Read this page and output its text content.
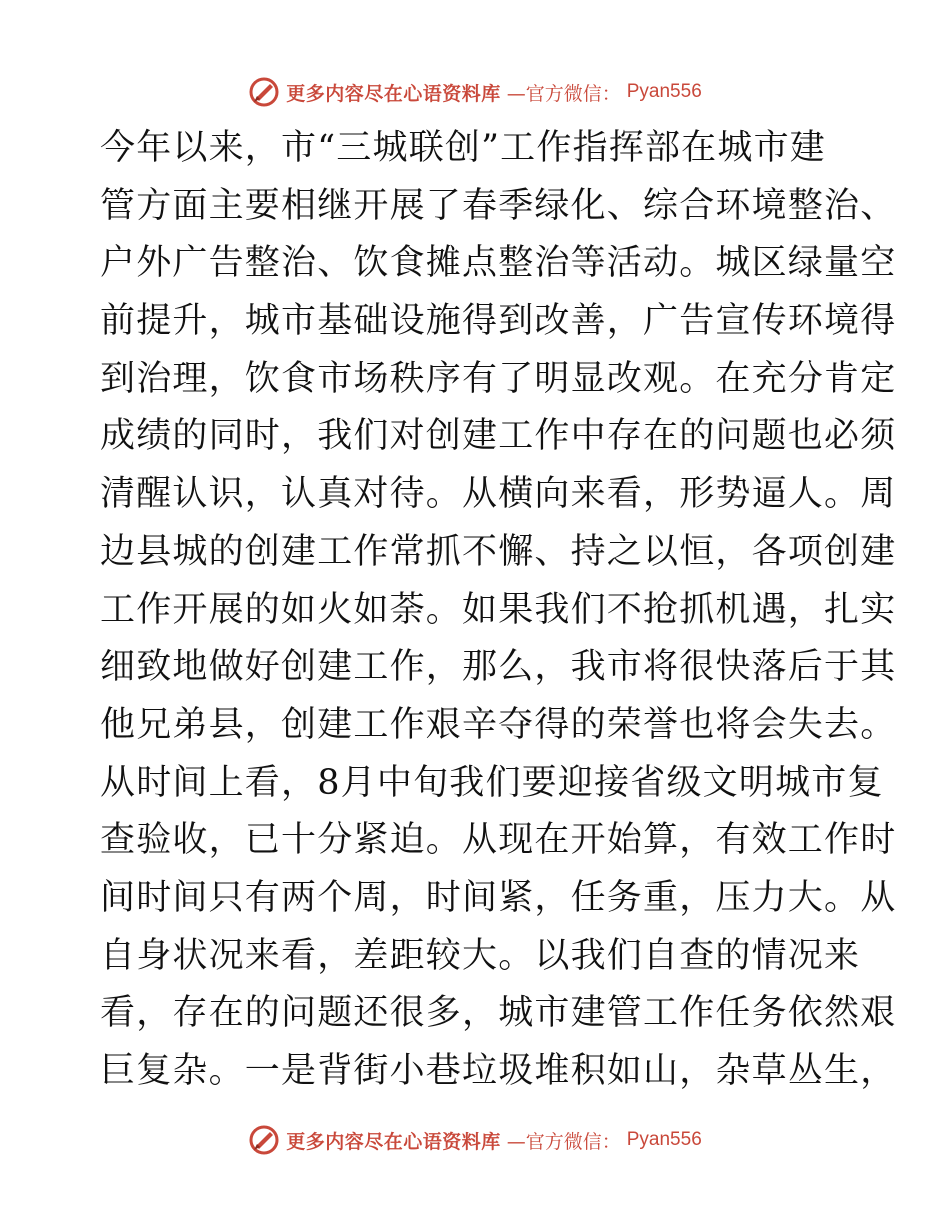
更多内容尽在心语资料库 —官方微信： Pyan556
今年以来，市“三城联创”工作指挥部在城市建
管方面主要相继开展了春季绿化、综合环境整治、
户外广告整治、饮食摊点整治等活动。城区绿量空
前提升，城市基础设施得到改善，广告宣传环境得
到治理，饮食市场秩序有了明显改观。在充分肯定
成绩的同时，我们对创建工作中存在的问题也必须
清醒认识，认真对待。从横向来看，形势逼人。周
边县城的创建工作常抓不懈、持之以恒，各项创建
工作开展的如火如荼。如果我们不抢抓机遇，扎实
细致地做好创建工作，那么，我市将很快落后于其
他兄弟县，创建工作艰辛夺得的荣誉也将会失去。
从时间上看，8月中旬我们要迎接省级文明城市复
查验收，已十分紧迫。从现在开始算，有效工作时
间时间只有两个周，时间紧，任务重，压力大。从
自身状况来看，差距较大。以我们自查的情况来
看，存在的问题还很多，城市建管工作任务依然艰
巨复杂。一是背街小巷垃圾堆积如山，杂草丛生，
更多内容尽在心语资料库 —官方微信： Pyan556
